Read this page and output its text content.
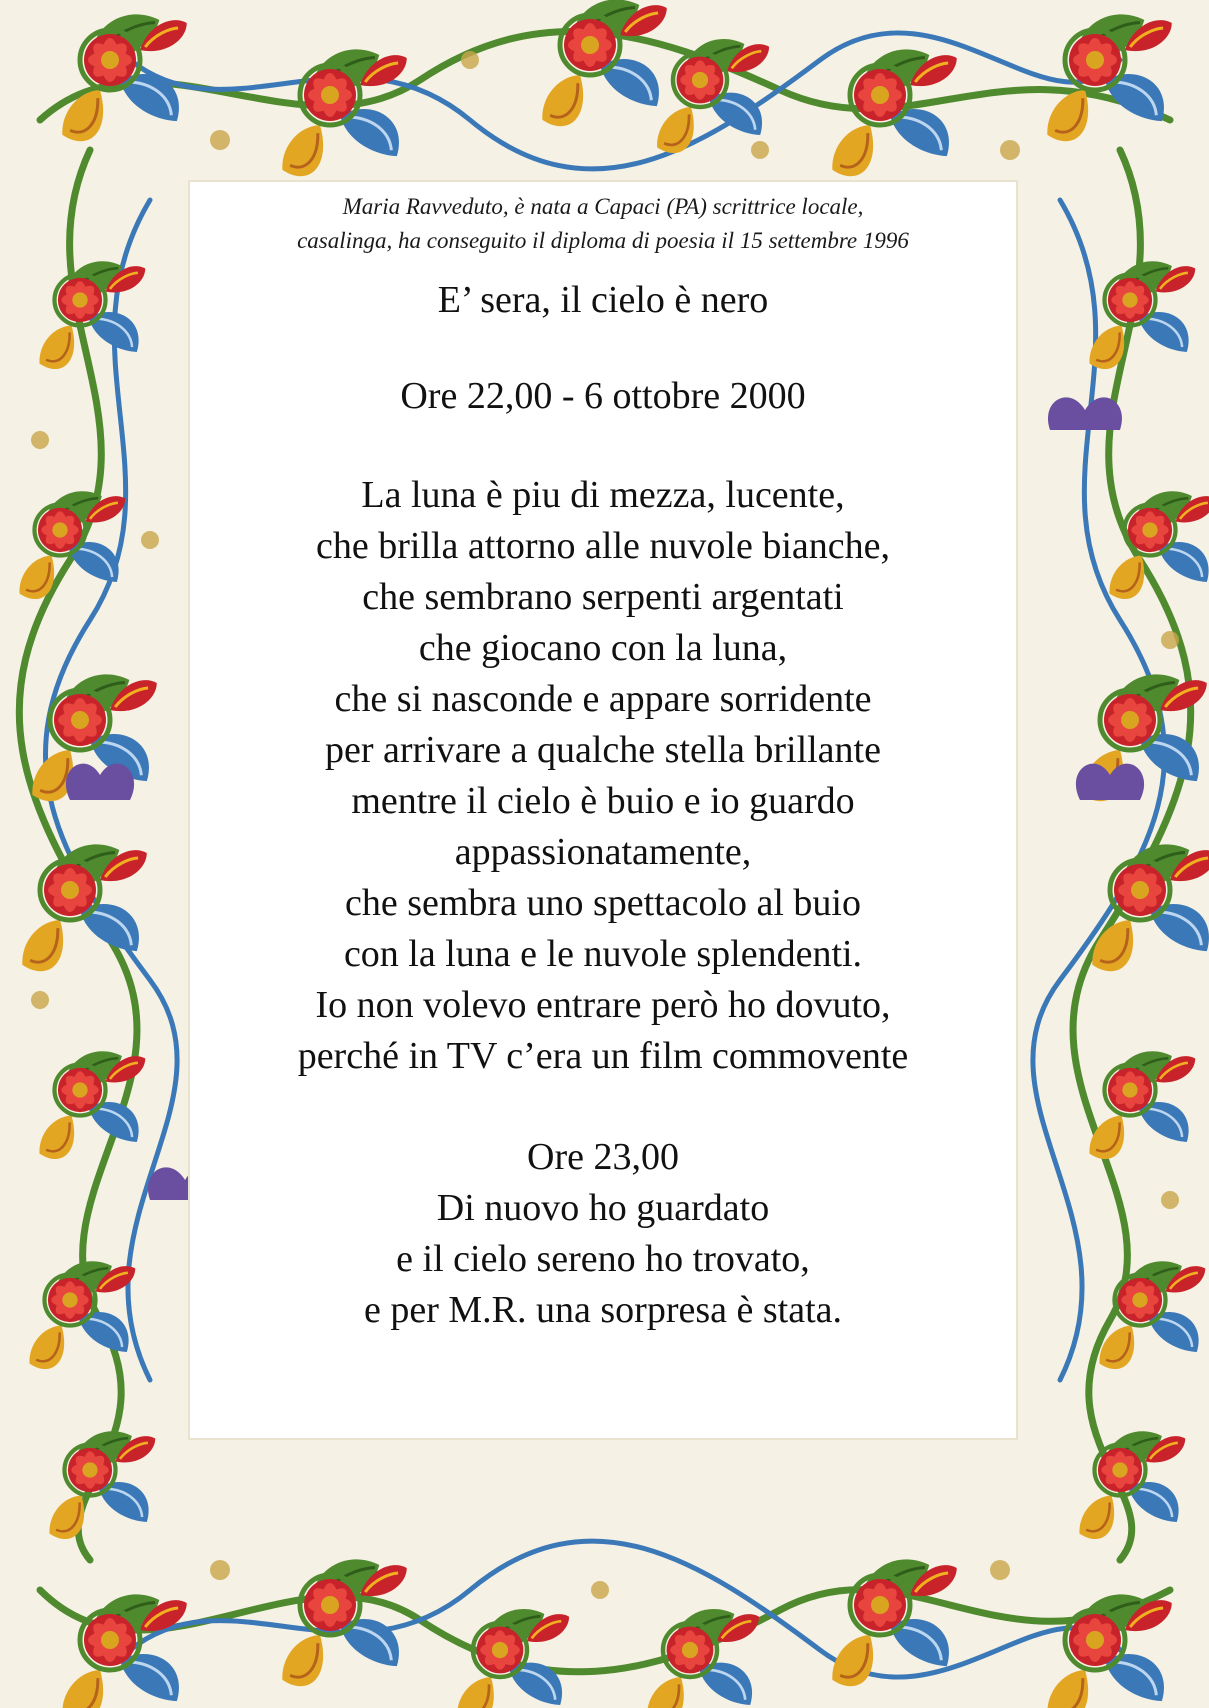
Maria Ravveduto, è nata a Capaci (PA) scrittrice locale,
casalinga, ha conseguito il diploma di poesia il 15 settembre 1996

E’ sera, il cielo è nero

Ore 22,00 - 6 ottobre 2000

La luna è piu di mezza, lucente,
che brilla attorno alle nuvole bianche,
che sembrano serpenti argentati
che giocano con la luna,
che si nasconde e appare sorridente
per arrivare a qualche stella brillante
mentre il cielo è buio e io guardo
appassionatamente,
che sembra uno spettacolo al buio
con la luna e le nuvole splendenti.
Io non volevo entrare però ho dovuto,
perché in TV c’era un film commovente

Ore 23,00
Di nuovo ho guardato
e il cielo sereno ho trovato,
e per M.R. una sorpresa è stata.
